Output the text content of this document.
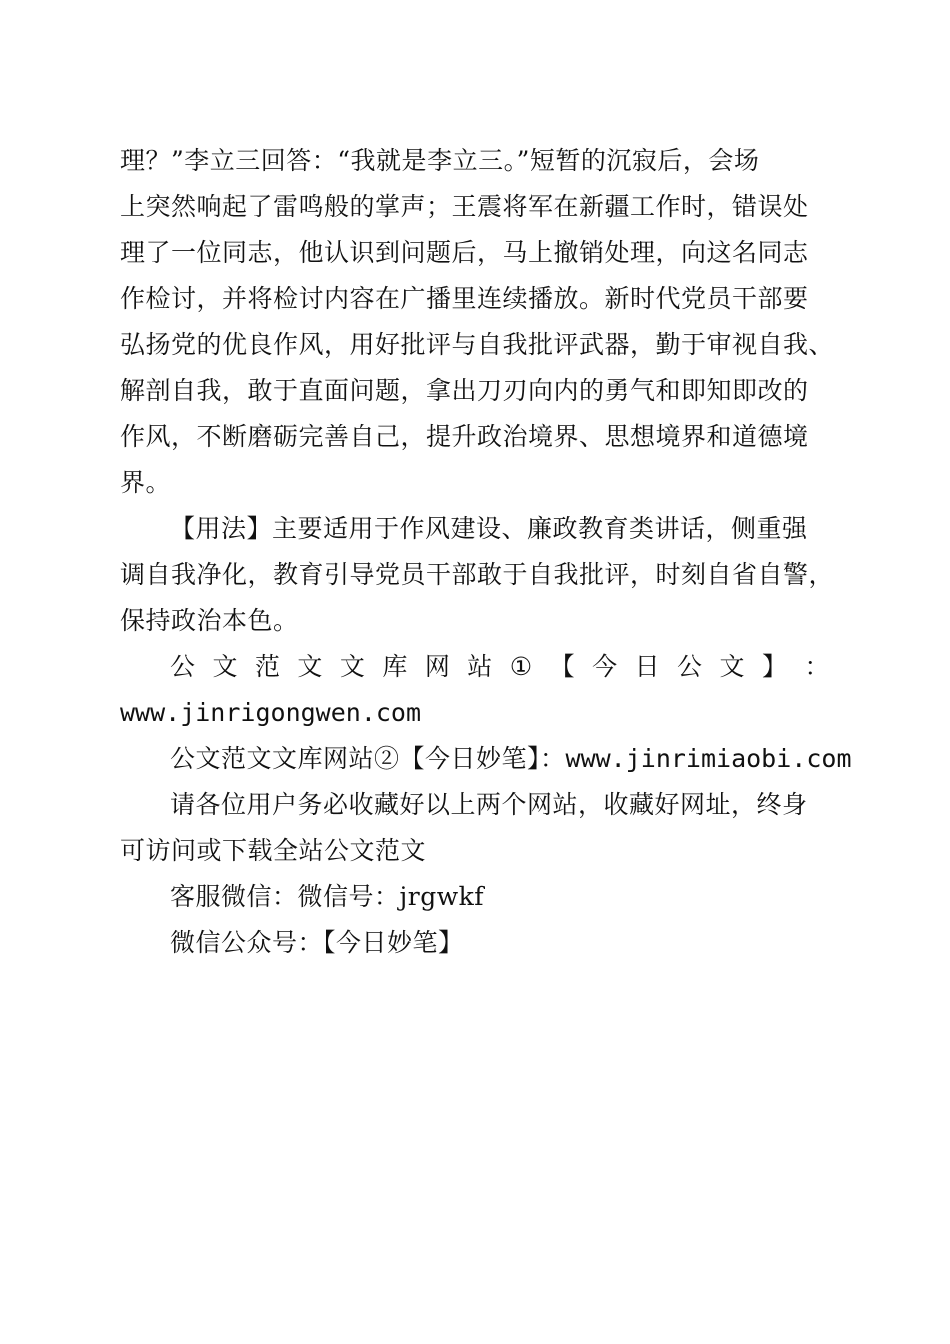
理？”李立三回答：“我就是李立三。”短暂的沉寂后，会场
上突然响起了雷鸣般的掌声；王震将军在新疆工作时，错误处
理了一位同志，他认识到问题后，马上撤销处理，向这名同志
作检讨，并将检讨内容在广播里连续播放。新时代党员干部要
弘扬党的优良作风，用好批评与自我批评武器，勤于审视自我、
解剖自我，敢于直面问题，拿出刀刃向内的勇气和即知即改的
作风，不断磨砺完善自己，提升政治境界、思想境界和道德境
界。
【用法】主要适用于作风建设、廉政教育类讲话，侧重强
调自我净化，教育引导党员干部敢于自我批评，时刻自省自警，
保持政治本色。
公 文 范 文 文 库 网 站 ① 【 今 日 公 文 】 ：
www.jinrigongwen.com
公文范文文库网站②【今日妙笔】：www.jinrimiaobi.com
请各位用户务必收藏好以上两个网站，收藏好网址，终身
可访问或下载全站公文范文
客服微信：微信号：jrgwkf
微信公众号：【今日妙笔】
